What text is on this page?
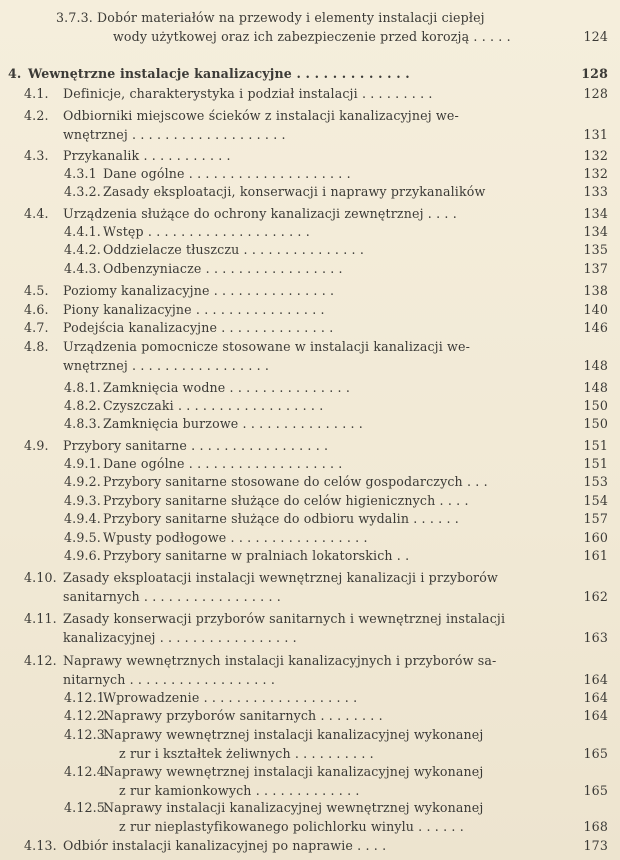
3.7.3. Dobór materiałów na przewody i elementy instalacji ciepłej
wody użytkowej oraz ich zabezpieczenie przed korozją . . . . .	124
4. Wewnętrzne instalacje kanalizacyjne . . . . . . . . . . . . .	128
4.1. Definicje, charakterystyka i podział instalacji . . . . . . . . .	128
4.2. Odbiorniki miejscowe ścieków z instalacji kanalizacyjnej we-
wnętrznej . . . . . . . . . . . . . . . . . . .	131
4.3. Przykanalik . . . . . . . . . . .	132
4.3.1 Dane ogólne . . . . . . . . . . . . . . . . . . . .	132
4.3.2. Zasady eksploatacji, konserwacji i naprawy przykanalików	133
4.4. Urządzenia służące do ochrony kanalizacji zewnętrznej . . . .	134
4.4.1. Wstęp . . . . . . . . . . . . . . . . . . . .	134
4.4.2. Oddzielacze tłuszczu . . . . . . . . . . . . . . .	135
4.4.3. Odbenzyniacze . . . . . . . . . . . . . . . . .	137
4.5. Poziomy kanalizacyjne . . . . . . . . . . . . . . .	138
4.6. Piony kanalizacyjne . . . . . . . . . . . . . . . .	140
4.7. Podejścia kanalizacyjne . . . . . . . . . . . . . .	146
4.8. Urządzenia pomocnicze stosowane w instalacji kanalizacji we-
wnętrznej . . . . . . . . . . . . . . . . .	148
4.8.1. Zamknięcia wodne . . . . . . . . . . . . . . .	148
4.8.2. Czyszczaki . . . . . . . . . . . . . . . . . .	150
4.8.3. Zamknięcia burzowe . . . . . . . . . . . . . . .	150
4.9. Przybory sanitarne . . . . . . . . . . . . . . . . .	151
4.9.1. Dane ogólne . . . . . . . . . . . . . . . . . . .	151
4.9.2. Przybory sanitarne stosowane do celów gospodarczych . . .	153
4.9.3. Przybory sanitarne służące do celów higienicznych . . . .	154
4.9.4. Przybory sanitarne służące do odbioru wydalin . . . . . .	157
4.9.5. Wpusty podłogowe . . . . . . . . . . . . . . . . .	160
4.9.6. Przybory sanitarne w pralniach lokatorskich . .	161
4.10. Zasady eksploatacji instalacji wewnętrznej kanalizacji i przyborów
sanitarnych . . . . . . . . . . . . . . . . .	162
4.11. Zasady konserwacji przyborów sanitarnych i wewnętrznej instalacji
kanalizacyjnej . . . . . . . . . . . . . . . . .	163
4.12. Naprawy wewnętrznych instalacji kanalizacyjnych i przyborów sa-
nitarnych . . . . . . . . . . . . . . . . . .	164
4.12.1.
Wprowadzenie . . . . . . . . . . . . . . . . . . .	164
4.12.2.
Naprawy przyborów sanitarnych . . . . . . . .	164
4.12.3.
Naprawy wewnętrznej instalacji kanalizacyjnej wykonanej
z rur i kształtek żeliwnych . . . . . . . . . .	165
4.12.4.
Naprawy wewnętrznej instalacji kanalizacyjnej wykonanej
z rur kamionkowych . . . . . . . . . . . . .	165
4.12.5.
Naprawy instalacji kanalizacyjnej wewnętrznej wykonanej
z rur nieplastyfikowanego polichlorku winylu . . . . . .	168
4.13. Odbiór instalacji kanalizacyjnej po naprawie . . . .	173
